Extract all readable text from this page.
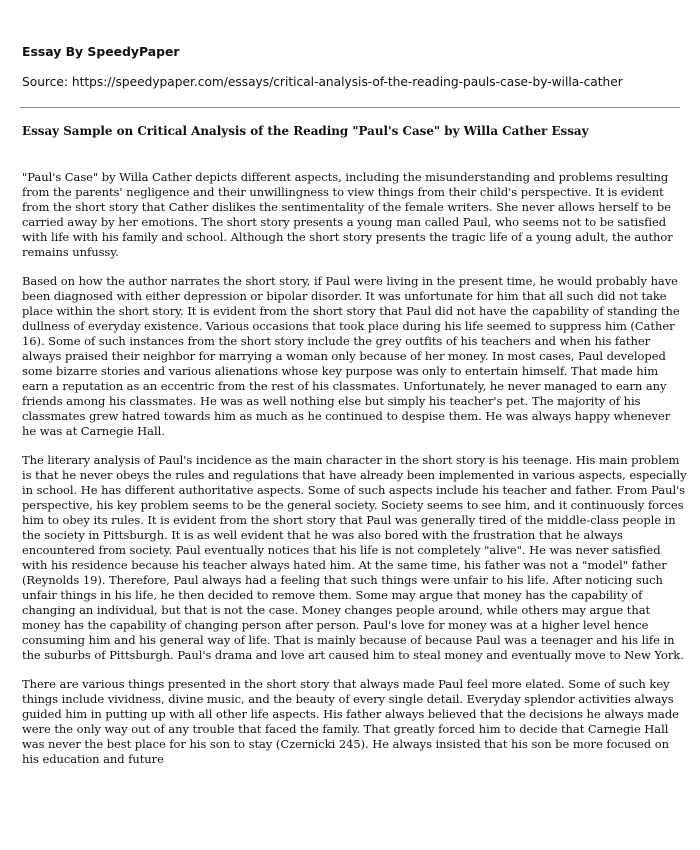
Essay By SpeedyPaper
Source: https://speedypaper.com/essays/critical-analysis-of-the-reading-pauls-case-by-willa-cather
Essay Sample on Critical Analysis of the Reading "Paul's Case" by Willa Cather Essay

"Paul's Case" by Willa Cather depicts different aspects, including the misunderstanding and problems resulting from the parents' negligence and their unwillingness to view things from their child's perspective. It is evident from the short story that Cather dislikes the sentimentality of the female writers. She never allows herself to be carried away by her emotions. The short story presents a young man called Paul, who seems not to be satisfied with life with his family and school. Although the short story presents the tragic life of a young adult, the author remains unfussy.

Based on how the author narrates the short story, if Paul were living in the present time, he would probably have been diagnosed with either depression or bipolar disorder. It was unfortunate for him that all such did not take place within the short story. It is evident from the short story that Paul did not have the capability of standing the dullness of everyday existence. Various occasions that took place during his life seemed to suppress him (Cather 16). Some of such instances from the short story include the grey outfits of his teachers and when his father always praised their neighbor for marrying a woman only because of her money. In most cases, Paul developed some bizarre stories and various alienations whose key purpose was only to entertain himself. That made him earn a reputation as an eccentric from the rest of his classmates. Unfortunately, he never managed to earn any friends among his classmates. He was as well nothing else but simply his teacher's pet. The majority of his classmates grew hatred towards him as much as he continued to despise them. He was always happy whenever he was at Carnegie Hall.

The literary analysis of Paul's incidence as the main character in the short story is his teenage. His main problem is that he never obeys the rules and regulations that have already been implemented in various aspects, especially in school. He has different authoritative aspects. Some of such aspects include his teacher and father. From Paul's perspective, his key problem seems to be the general society. Society seems to see him, and it continuously forces him to obey its rules. It is evident from the short story that Paul was generally tired of the middle-class people in the society in Pittsburgh. It is as well evident that he was also bored with the frustration that he always encountered from society. Paul eventually notices that his life is not completely "alive". He was never satisfied with his residence because his teacher always hated him. At the same time, his father was not a "model" father (Reynolds 19). Therefore, Paul always had a feeling that such things were unfair to his life. After noticing such unfair things in his life, he then decided to remove them. Some may argue that money has the capability of changing an individual, but that is not the case. Money changes people around, while others may argue that money has the capability of changing person after person. Paul's love for money was at a higher level hence consuming him and his general way of life. That is mainly because of because Paul was a teenager and his life in the suburbs of Pittsburgh. Paul's drama and love art caused him to steal money and eventually move to New York.

There are various things presented in the short story that always made Paul feel more elated. Some of such key things include vividness, divine music, and the beauty of every single detail. Everyday splendor activities always guided him in putting up with all other life aspects. His father always believed that the decisions he always made were the only way out of any trouble that faced the family. That greatly forced him to decide that Carnegie Hall was never the best place for his son to stay (Czernicki 245). He always insisted that his son be more focused on his education and future
